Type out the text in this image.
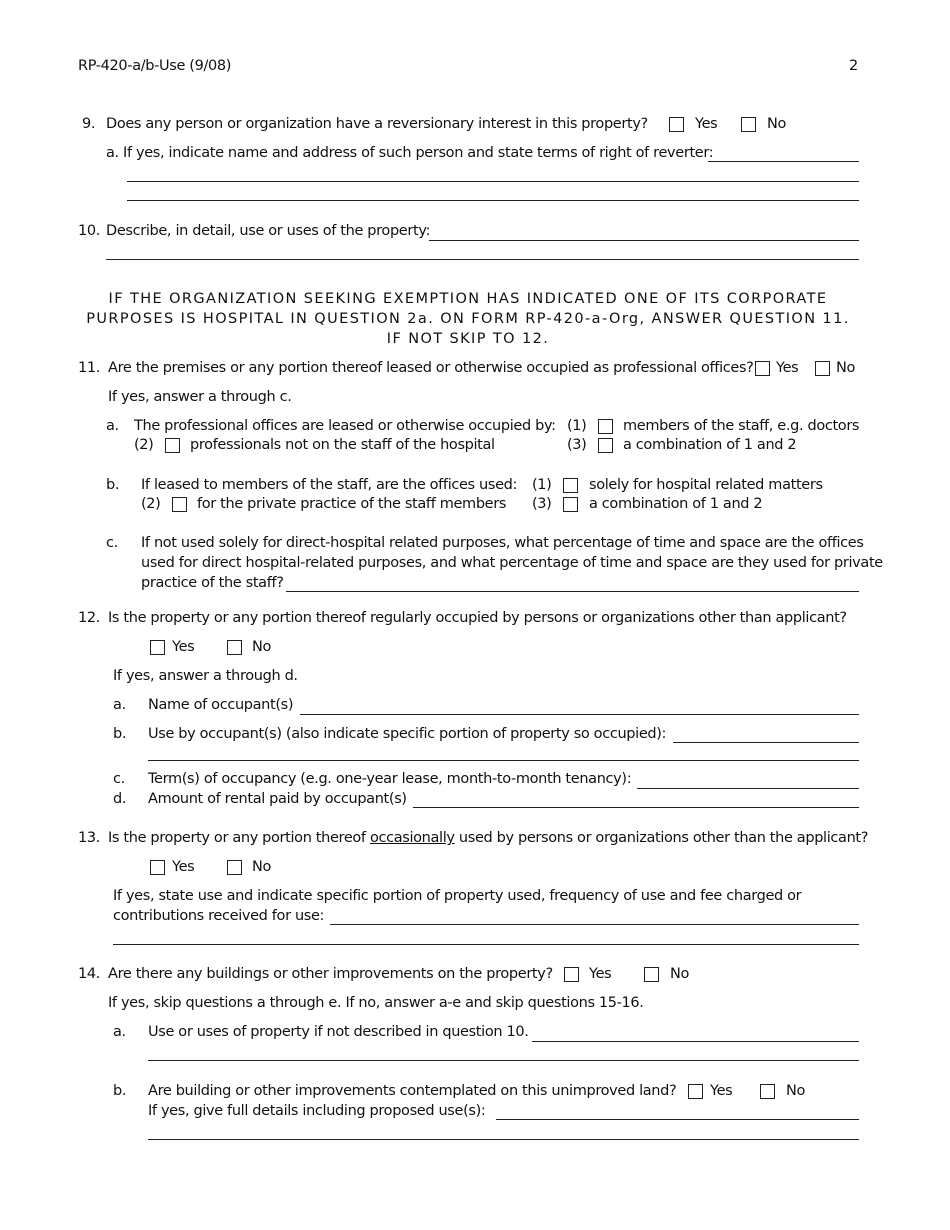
RP-420-a/b-Use (9/08)	2
9. Does any person or organization have a reversionary interest in this property?	Yes	No
a. If yes, indicate name and address of such person and state terms of right of reverter:
10. Describe, in detail, use or uses of the property:
IF THE ORGANIZATION SEEKING EXEMPTION HAS INDICATED ONE OF ITS CORPORATE
PURPOSES IS HOSPITAL IN QUESTION 2a. ON FORM RP-420-a-Org, ANSWER QUESTION 11.
IF NOT SKIP TO 12.
11. Are the premises or any portion thereof leased or otherwise occupied as professional offices? Yes	No
If yes, answer a through c.
a. The professional offices are leased or otherwise occupied by: (1)	members of the staff, e.g. doctors
(2)	professionals not on the staff of the hospital	(3)	a combination of 1 and 2
b. If leased to members of the staff, are the offices used: (1)	solely for hospital related matters
(2)	for the private practice of the staff members (3)	a combination of 1 and 2
c. If not used solely for direct-hospital related purposes, what percentage of time and space are the offices
used for direct hospital-related purposes, and what percentage of time and space are they used for private
practice of the staff?
12. Is the property or any portion thereof regularly occupied by persons or organizations other than applicant?
Yes	No
If yes, answer a through d.
a. Name of occupant(s)
b. Use by occupant(s) (also indicate specific portion of property so occupied):
c. Term(s) of occupancy (e.g. one-year lease, month-to-month tenancy):
d. Amount of rental paid by occupant(s)
13. Is the property or any portion thereof occasionally used by persons or organizations other than the applicant?
Yes	No
If yes, state use and indicate specific portion of property used, frequency of use and fee charged or
contributions received for use:
14. Are there any buildings or other improvements on the property? Yes	No
If yes, skip questions a through e. If no, answer a-e and skip questions 15-16.
a. Use or uses of property if not described in question 10.
b. Are building or other improvements contemplated on this unimproved land? Yes	No
If yes, give full details including proposed use(s):
